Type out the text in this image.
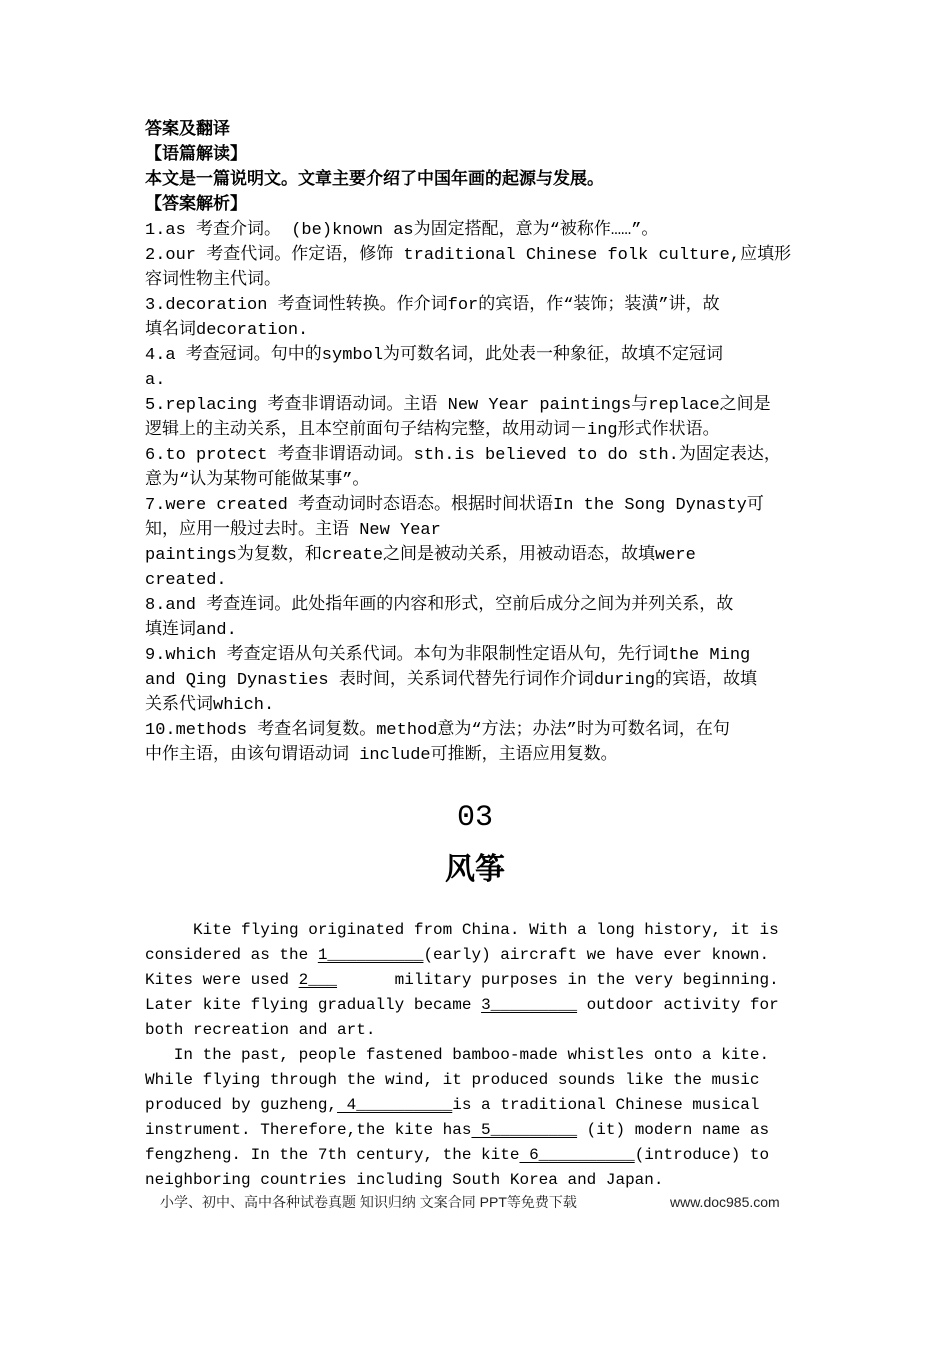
答案及翻译
【语篇解读】
本文是一篇说明文。文章主要介绍了中国年画的起源与发展。
【答案解析】
1.as 考查介词。 (be)known as为固定搭配，意为“被称作……”。
2.our 考查代词。作定语，修饰 traditional Chinese folk culture,应填形
容词性物主代词。
3.decoration 考查词性转换。作介词for的宾语，作“装饰；装潢”讲，故
填名词decoration.
4.a 考查冠词。句中的symbol为可数名词，此处表一种象征，故填不定冠词
a.
5.replacing 考查非谓语动词。主语 New Year paintings与replace之间是
逻辑上的主动关系，且本空前面句子结构完整，故用动词－ing形式作状语。
6.to protect 考查非谓语动词。sth.is believed to do sth.为固定表达，
意为“认为某物可能做某事”。
7.were created 考查动词时态语态。根据时间状语In the Song Dynasty可
知，应用一般过去时。主语 New Year
paintings为复数，和create之间是被动关系，用被动语态，故填were
created.
8.and 考查连词。此处指年画的内容和形式，空前后成分之间为并列关系，故
填连词and.
9.which 考查定语从句关系代词。本句为非限制性定语从句，先行词the Ming
and Qing Dynasties 表时间，关系词代替先行词作介词during的宾语，故填
关系代词which.
10.methods 考查名词复数。method意为“方法；办法”时为可数名词，在句
中作主语，由该句谓语动词 include可推断，主语应用复数。
03
风筝
Kite flying originated from China. With a long history, it is
considered as the 1__________(early) aircraft we have ever known.
Kites were used 2___      military purposes in the very beginning.
Later kite flying gradually became 3_________ outdoor activity for
both recreation and art.
In the past, people fastened bamboo-made whistles onto a kite.
While flying through the wind, it produced sounds like the music
produced by guzheng, 4__________is a traditional Chinese musical
instrument. Therefore,the kite has 5_________ (it) modern name as
fengzheng. In the 7th century, the kite 6__________(introduce) to
neighboring countries including South Korea and Japan.
小学、初中、高中各种试卷真题 知识归纳 文案合同 PPT等免费下载	www.doc985.com
